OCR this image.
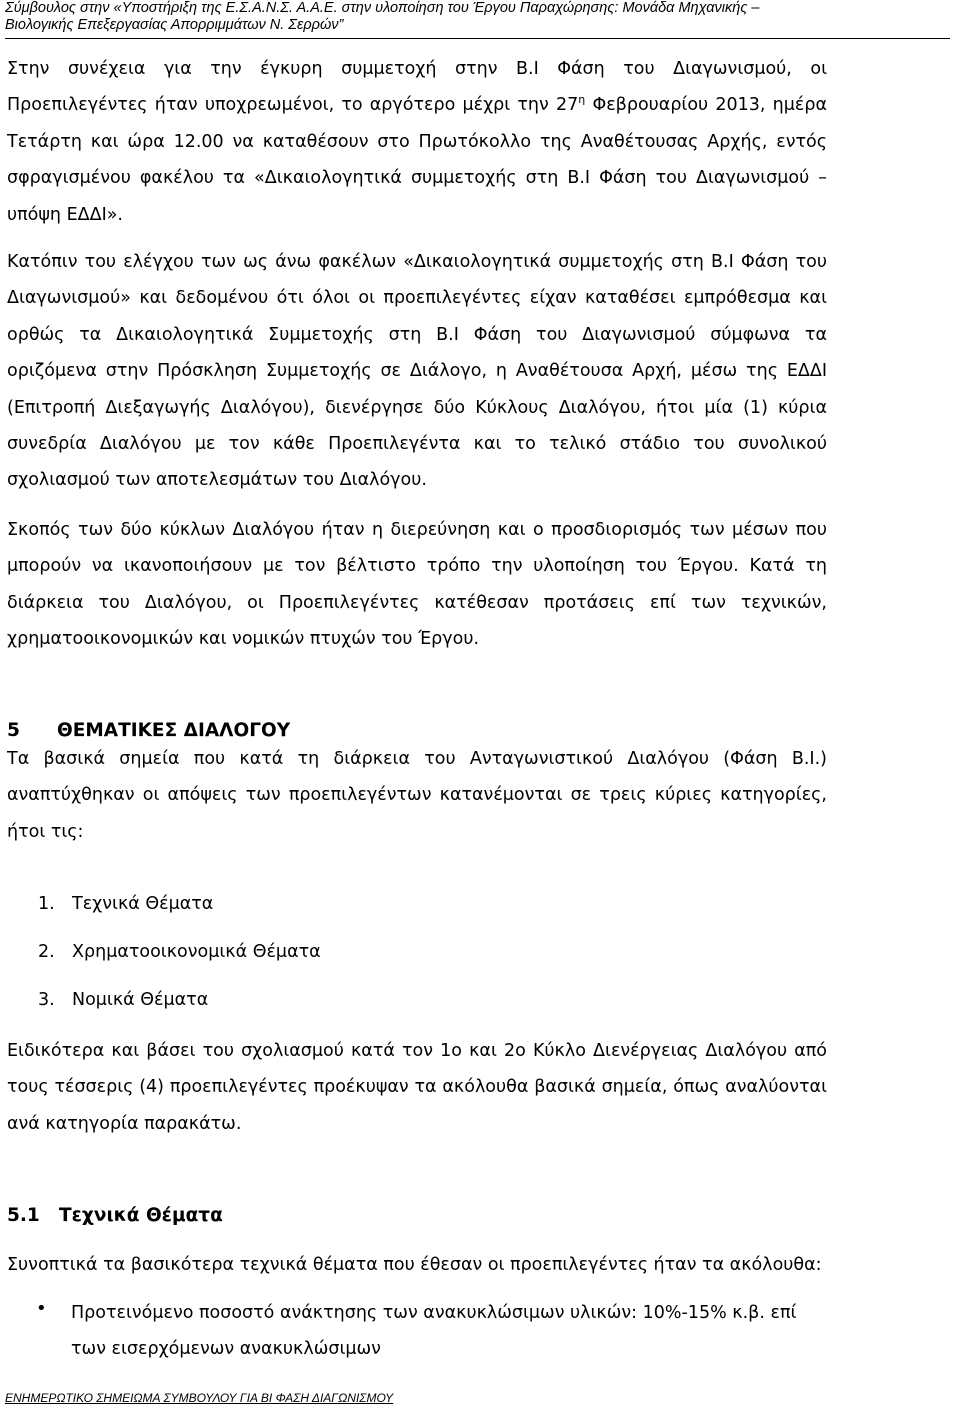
Σύμβουλος στην «Υποστήριξη της Ε.Σ.Α.Ν.Σ. Α.Α.Ε. στην υλοποίηση του Έργου Παραχώρησης: Μονάδα Μηχανικής –
Βιολογικής Επεξεργασίας Απορριμμάτων Ν. Σερρών”
Στην συνέχεια για την έγκυρη συμμετοχή στην Β.Ι Φάση του Διαγωνισμού, οι Προεπιλεγέντες ήταν υποχρεωμένοι, το αργότερο μέχρι την $27^\eta$ Φεβρουαρίου 2013, ημέρα Τετάρτη και ώρα 12.00 να καταθέσουν στο Πρωτόκολλο της Αναθέτουσας Αρχής, εντός σφραγισμένου φακέλου τα «Δικαιολογητικά συμμετοχής στη Β.Ι Φάση του Διαγωνισμού – υπόψη ΕΔΔΙ».
Κατόπιν του ελέγχου των ως άνω φακέλων «Δικαιολογητικά συμμετοχής στη Β.Ι Φάση του Διαγωνισμού» και δεδομένου ότι όλοι οι προεπιλεγέντες είχαν καταθέσει εμπρόθεσμα και ορθώς τα Δικαιολογητικά Συμμετοχής στη Β.Ι Φάση του Διαγωνισμού σύμφωνα τα οριζόμενα στην Πρόσκληση Συμμετοχής σε Διάλογο, η Αναθέτουσα Αρχή, μέσω της ΕΔΔΙ (Επιτροπή Διεξαγωγής Διαλόγου), διενέργησε δύο Κύκλους Διαλόγου, ήτοι μία (1) κύρια συνεδρία Διαλόγου με τον κάθε Προεπιλεγέντα και το τελικό στάδιο του συνολικού σχολιασμού των αποτελεσμάτων του Διαλόγου.
Σκοπός των δύο κύκλων Διαλόγου ήταν η διερεύνηση και ο προσδιορισμός των μέσων που μπορούν να ικανοποιήσουν με τον βέλτιστο τρόπο την υλοποίηση του Έργου. Κατά τη διάρκεια του Διαλόγου, οι Προεπιλεγέντες κατέθεσαν προτάσεις επί των τεχνικών, χρηματοοικονομικών και νομικών πτυχών του Έργου.
5 ΘΕΜΑΤΙΚΕΣ ΔΙΑΛΟΓΟΥ
Τα βασικά σημεία που κατά τη διάρκεια του Ανταγωνιστικού Διαλόγου (Φάση Β.Ι.) αναπτύχθηκαν οι απόψεις των προεπιλεγέντων κατανέμονται σε τρεις κύριες κατηγορίες, ήτοι τις:
1. Τεχνικά Θέματα
2. Χρηματοοικονομικά Θέματα
3. Νομικά Θέματα
Ειδικότερα και βάσει του σχολιασμού κατά τον 1ο και 2ο Κύκλο Διενέργειας Διαλόγου από τους τέσσερις (4) προεπιλεγέντες προέκυψαν τα ακόλουθα βασικά σημεία, όπως αναλύονται ανά κατηγορία παρακάτω.
5.1 Τεχνικά Θέματα
Συνοπτικά τα βασικότερα τεχνικά θέματα που έθεσαν οι προεπιλεγέντες ήταν τα ακόλουθα:
• Προτεινόμενο ποσοστό ανάκτησης των ανακυκλώσιμων υλικών: 10%-15% κ.β. επί των εισερχόμενων ανακυκλώσιμων
ΕΝΗΜΕΡΩΤΙΚΟ ΣΗΜΕΙΩΜΑ ΣΥΜΒΟΥΛΟΥ ΓΙΑ ΒΙ ΦΑΣΗ ΔΙΑΓΩΝΙΣΜΟΥ
